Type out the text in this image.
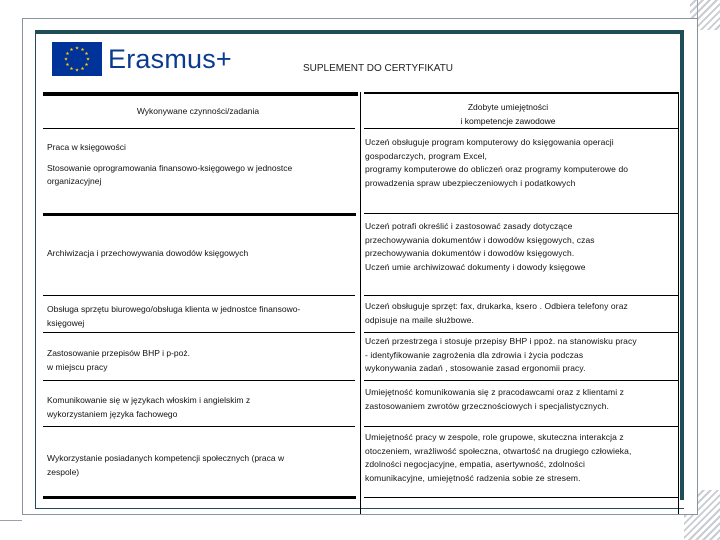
Erasmus+	SUPLEMENT DO CERTYFIKATU
Wykonywane czynności/zadania	Zdobyte umiejętności
i kompetencje zawodowe
Praca w księgowości
Stosowanie oprogramowania finansowo-księgowego w jednostce
organizacyjnej
Uczeń obsługuje program komputerowy do księgowania operacji
gospodarczych, program Excel,
programy komputerowe do obliczeń oraz programy komputerowe do
prowadzenia spraw ubezpieczeniowych i podatkowych
Archiwizacja i przechowywania dowodów księgowych
Uczeń potrafi określić i zastosować zasady dotyczące
przechowywania dokumentów i dowodów księgowych, czas
przechowywania dokumentów i dowodów księgowych.
Uczeń umie archiwizować dokumenty i dowody księgowe
Obsługa sprzętu biurowego/obsługa klienta w jednostce finansowo-
księgowej
Uczeń obsługuje sprzęt: fax, drukarka, ksero . Odbiera telefony oraz
odpisuje na maile służbowe.
Zastosowanie przepisów BHP i p-poż.
w miejscu pracy
Uczeń przestrzega i stosuje przepisy BHP i ppoż. na stanowisku pracy
- identyfikowanie zagrożenia dla zdrowia i życia podczas
wykonywania zadań , stosowanie zasad ergonomii pracy.
Komunikowanie się w językach włoskim i angielskim z
wykorzystaniem języka fachowego
Umiejętność komunikowania się z pracodawcami oraz z klientami z
zastosowaniem zwrotów grzecznościowych i specjalistycznych.
Wykorzystanie posiadanych kompetencji społecznych (praca w
zespole)
Umiejętność pracy w zespole, role grupowe, skuteczna interakcja z
otoczeniem, wrażliwość społeczna, otwartość na drugiego człowieka,
zdolności negocjacyjne, empatia, asertywność, zdolności
komunikacyjne, umiejętność radzenia sobie ze stresem.
